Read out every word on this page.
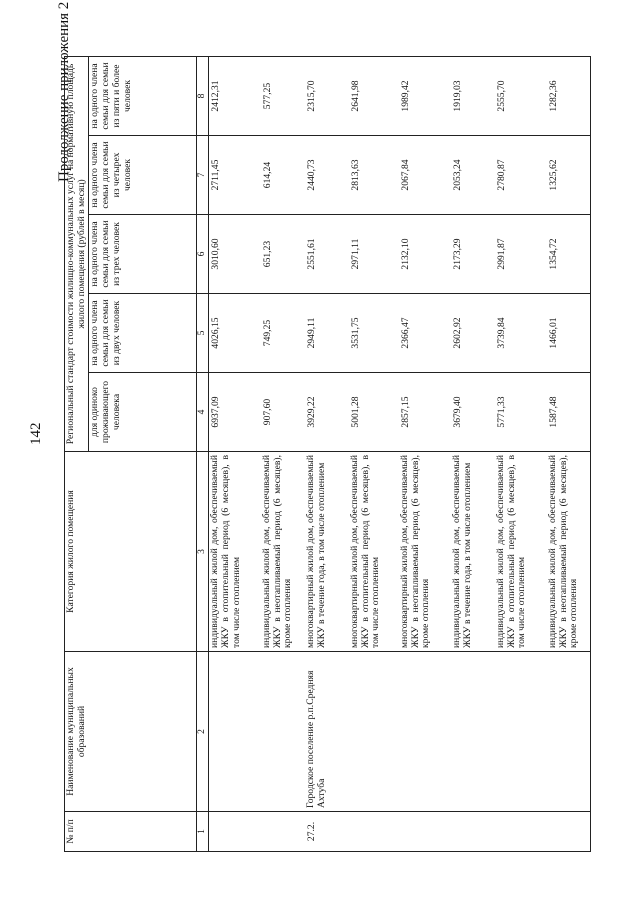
142
Продолжение приложения 2
№ п/п	Наименование муниципальных образований	Категория жилого помещения	Региональный стандарт стоимости жилищно-коммунальных услуг на нормативную площадь жилого помещения (рублей в месяц)				
			для одиноко проживающего человека	на одного члена семьи для семьи из двух человек	на одного члена семьи для семьи из трех человек	на одного члена семьи для семьи из четырех человек	на одного члена семьи для семьи из пяти и более человек
1	2	3	4	5	6	7	8
		индивидуальный жилой дом, обеспечиваемый ЖКУ в отопительный период (6 месяцев), в том числе отоплением	6937,09	4026,15	3010,60	2711,45	2412,31
		индивидуальный жилой дом, обеспечиваемый ЖКУ в неотапливаемый период (6 месяцев), кроме отопления	907,60	749,25	651,23	614,24	577,25
27.2.	Городское поселение р.п.Средняя Ахтуба	многоквартирный жилой дом, обеспечиваемый ЖКУ в течение года, в том числе отоплением	3929,22	2949,11	2551,61	2440,73	2315,70
		многоквартирный жилой дом, обеспечиваемый ЖКУ в отопительный период (6 месяцев), в том числе отоплением	5001,28	3531,75	2971,11	2813,63	2641,98
		многоквартирный жилой дом, обеспечиваемый ЖКУ в неотапливаемый период (6 месяцев), кроме отопления	2857,15	2366,47	2132,10	2067,84	1989,42
		индивидуальный жилой дом, обеспечиваемый ЖКУ в течение года, в том числе отоплением	3679,40	2602,92	2173,29	2053,24	1919,03
		индивидуальный жилой дом, обеспечиваемый ЖКУ в отопительный период (6 месяцев), в том числе отоплением	5771,33	3739,84	2991,87	2780,87	2555,70
		индивидуальный жилой дом, обеспечиваемый ЖКУ в неотапливаемый период (6 месяцев), кроме отопления	1587,48	1466,01	1354,72	1325,62	1282,36
